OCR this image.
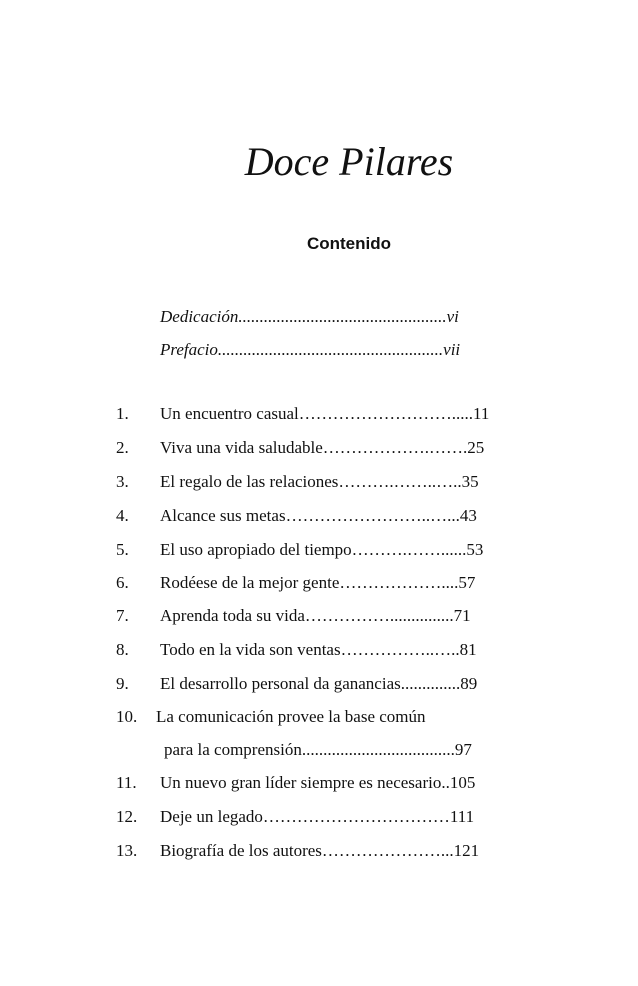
Doce Pilares
Contenido
Dedicación.................................................vi
Prefacio.....................................................vii
1. Un encuentro casual……………………….....11
2. Viva una vida saludable……………….…….25
3. El regalo de las relaciones……….……..…..35
4. Alcance sus metas……………………..…...43
5. El uso apropiado del tiempo……….……......53
6. Rodéese de la mejor gente………………....57
7. Aprenda toda su vida……………...............71
8. Todo en la vida son ventas……………..…..81
9. El desarrollo personal da ganancias..............89
10. La comunicación provee la base común
para la comprensión....................................97
11. Un nuevo gran líder siempre es necesario..105
12. Deje un legado……………………………111
13. Biografía de los autores…………………...121
